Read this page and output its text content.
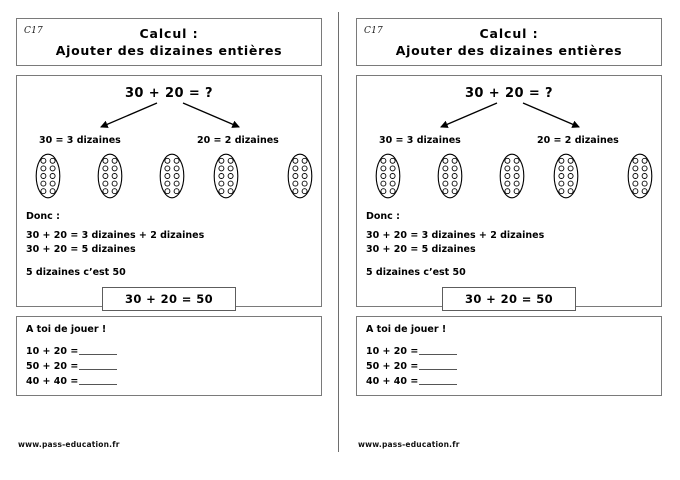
C17	Calcul :
Ajouter des dizaines entières
30 + 20 = ?
30 = 3 dizaines	20 = 2 dizaines
Donc :
30 + 20 = 3 dizaines + 2 dizaines
30 + 20 = 5 dizaines
5 dizaines c’est 50
30 + 20 = 50
A toi de jouer !
10 + 20 =
50 + 20 =
40 + 40 =
www.pass-education.fr
C17	Calcul :
Ajouter des dizaines entières
30 + 20 = ?
30 = 3 dizaines	20 = 2 dizaines
Donc :
30 + 20 = 3 dizaines + 2 dizaines
30 + 20 = 5 dizaines
5 dizaines c’est 50
30 + 20 = 50
A toi de jouer !
10 + 20 =
50 + 20 =
40 + 40 =
www.pass-education.fr
